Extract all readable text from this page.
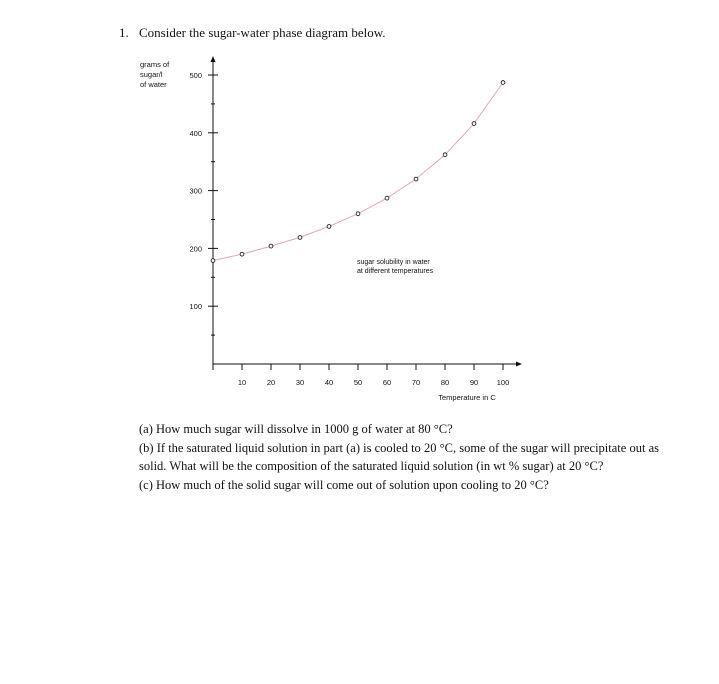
1. Consider the sugar-water phase diagram below.
100
200
300
400
500
10	20	30	40	50	60	70	80	90 100
grams of
sugar/l
of water
Temperature in C
sugar solubility in water
at different temperatures
(a) How much sugar will dissolve in 1000 g of water at 80 °C?
(b) If the saturated liquid solution in part (a) is cooled to 20 °C, some of the sugar will precipitate out as solid. What will be the composition of the saturated liquid solution (in wt % sugar) at 20 °C?
(c) How much of the solid sugar will come out of solution upon cooling to 20 °C?
